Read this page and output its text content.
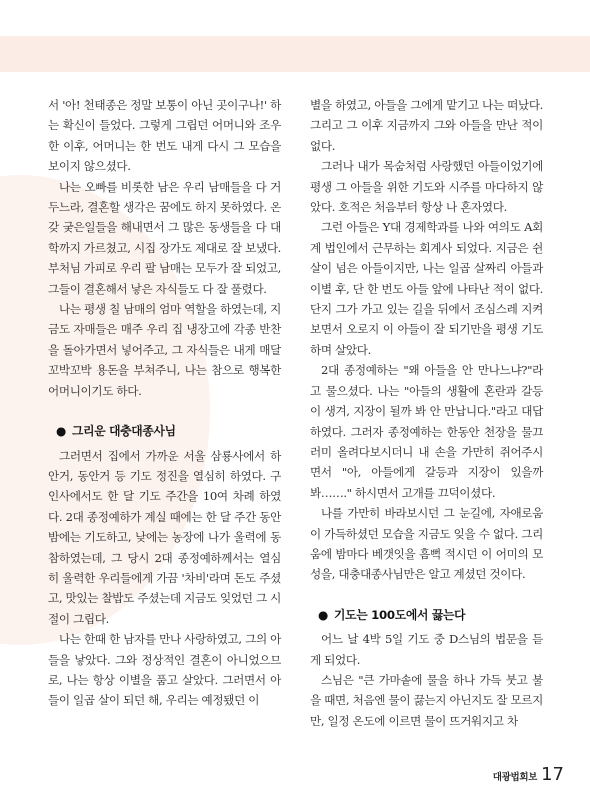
서 '아! 천태종은 정말 보통이 아닌 곳이구나!' 하는 확신이 들었다. 그렇게 그립던 어머니와 조우한 이후, 어머니는 한 번도 내게 다시 그 모습을 보이지 않으셨다.

나는 오빠를 비롯한 남은 우리 남매들을 다 거두느라, 결혼할 생각은 꿈에도 하지 못하였다. 온갖 궂은일들을 해내면서 그 많은 동생들을 다 대학까지 가르쳤고, 시집 장가도 제대로 잘 보냈다. 부처님 가피로 우리 팔 남매는 모두가 잘 되었고, 그들이 결혼해서 낳은 자식들도 다 잘 풀렸다.

나는 평생 칠 남매의 엄마 역할을 하였는데, 지금도 자매들은 매주 우리 집 냉장고에 각종 반찬을 돌아가면서 넣어주고, 그 자식들은 내게 매달 꼬박꼬박 용돈을 부쳐주니, 나는 참으로 행복한 어머니이기도 하다.

● 그리운 대충대종사님

그러면서 집에서 가까운 서울 삼룡사에서 하안거, 동안거 등 기도 정진을 열심히 하였다. 구인사에서도 한 달 기도 주간을 10여 차례 하였다. 2대 종정예하가 계실 때에는 한 달 주간 동안 밤에는 기도하고, 낮에는 농장에 나가 울력에 동참하였는데, 그 당시 2대 종정예하께서는 열심히 울력한 우리들에게 가끔 '차비'라며 돈도 주셨고, 맛있는 찰밥도 주셨는데 지금도 잊었던 그 시절이 그립다.

나는 한때 한 남자를 만나 사랑하였고, 그의 아들을 낳았다. 그와 정상적인 결혼이 아니었으므로, 나는 항상 이별을 품고 살았다. 그러면서 아들이 일곱 살이 되던 해, 우리는 예정됐던 이

별을 하였고, 아들을 그에게 맡기고 나는 떠났다. 그리고 그 이후 지금까지 그와 아들을 만난 적이 없다.

그러나 내가 목숨처럼 사랑했던 아들이었기에 평생 그 아들을 위한 기도와 시주를 마다하지 않았다. 호적은 처음부터 항상 나 혼자였다.

그런 아들은 Y대 경제학과를 나와 여의도 A회계 법인에서 근무하는 회계사 되었다. 지금은 쉰 살이 넘은 아들이지만, 나는 일곱 살짜리 아들과 이별 후, 단 한 번도 아들 앞에 나타난 적이 없다. 단지 그가 가고 있는 길을 뒤에서 조심스레 지켜보면서 오로지 이 아들이 잘 되기만을 평생 기도하며 살았다.

2대 종정예하는 "왜 아들을 안 만나느냐?"라고 물으셨다. 나는 "아들의 생활에 혼란과 갈등이 생겨, 지장이 될까 봐 안 만납니다."라고 대답하였다. 그러자 종정예하는 한동안 천장을 물끄러미 올려다보시더니 내 손을 가만히 쥐어주시면서 "아, 아들에게 갈등과 지장이 있을까 봐……." 하시면서 고개를 끄덕이셨다.

나를 가만히 바라보시던 그 눈길에, 자애로움이 가득하셨던 모습을 지금도 잊을 수 없다. 그리움에 밤마다 베갯잇을 흠뻑 적시던 이 어미의 모성을, 대충대종사님만은 알고 계셨던 것이다.

● 기도는 100도에서 끓는다

어느 날 4박 5일 기도 중 D스님의 법문을 듣게 되었다.

스님은 "큰 가마솥에 물을 하나 가득 붓고 불을 때면, 처음엔 물이 끓는지 아닌지도 잘 모르지만, 일정 온도에 이르면 물이 뜨거워지고 차

대광법회보 17
